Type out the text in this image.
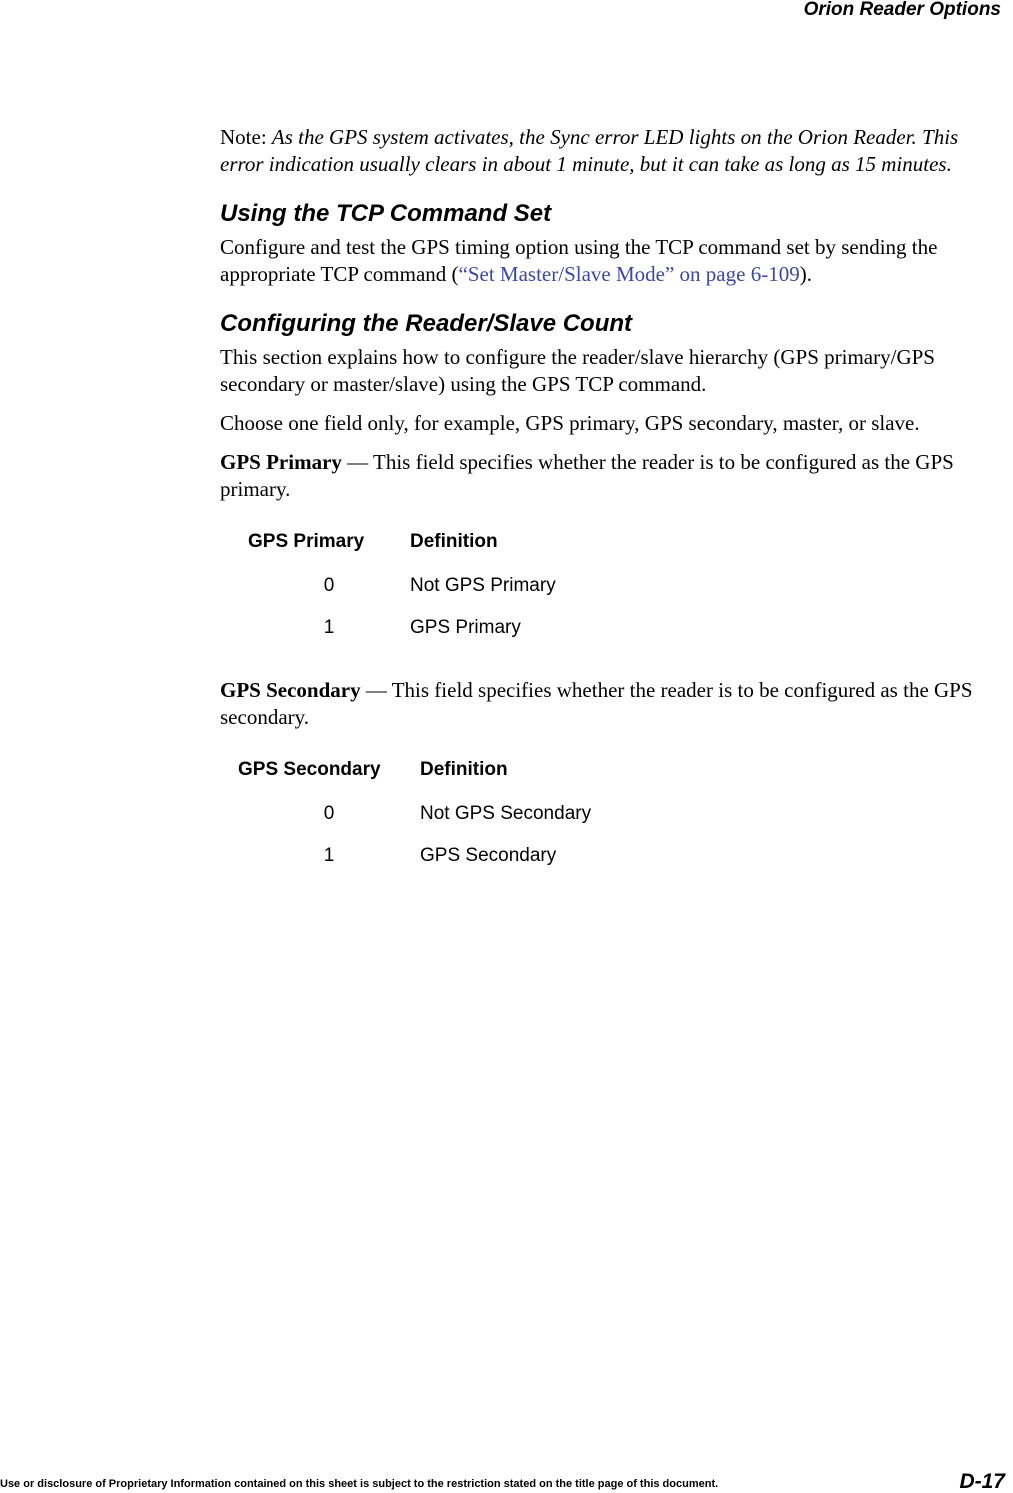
Orion Reader Options

Note: As the GPS system activates, the Sync error LED lights on the Orion Reader. This error indication usually clears in about 1 minute, but it can take as long as 15 minutes.

Using the TCP Command Set

Configure and test the GPS timing option using the TCP command set by sending the appropriate TCP command (“Set Master/Slave Mode” on page 6-109).

Configuring the Reader/Slave Count

This section explains how to configure the reader/slave hierarchy (GPS primary/GPS secondary or master/slave) using the GPS TCP command.

Choose one field only, for example, GPS primary, GPS secondary, master, or slave.

GPS Primary — This field specifies whether the reader is to be configured as the GPS primary.

GPS Primary	Definition
0	Not GPS Primary
1	GPS Primary

GPS Secondary — This field specifies whether the reader is to be configured as the GPS secondary.

GPS Secondary	Definition
0	Not GPS Secondary
1	GPS Secondary
Use or disclosure of Proprietary Information contained on this sheet is subject to the restriction stated on the title page of this document.	D-17
